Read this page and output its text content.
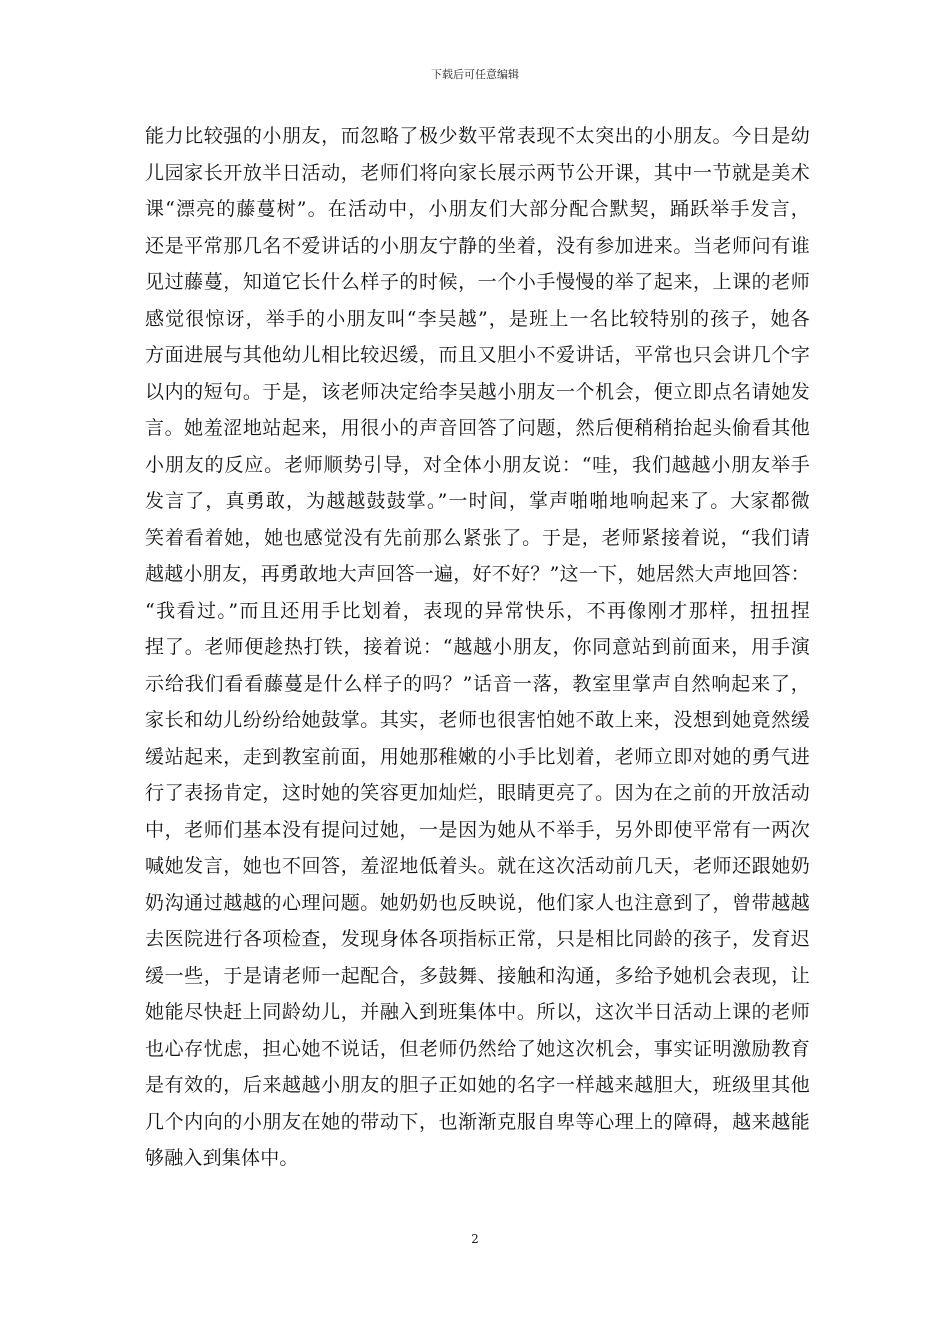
下载后可任意编辑
能力比较强的小朋友，而忽略了极少数平常表现不太突出的小朋友。今日是幼
儿园家长开放半日活动，老师们将向家长展示两节公开课，其中一节就是美术
课“漂亮的藤蔓树”。在活动中，小朋友们大部分配合默契，踊跃举手发言，
还是平常那几名不爱讲话的小朋友宁静的坐着，没有参加进来。当老师问有谁
见过藤蔓，知道它长什么样子的时候，一个小手慢慢的举了起来，上课的老师
感觉很惊讶，举手的小朋友叫“李吴越”，是班上一名比较特别的孩子，她各
方面进展与其他幼儿相比较迟缓，而且又胆小不爱讲话，平常也只会讲几个字
以内的短句。于是，该老师决定给李吴越小朋友一个机会，便立即点名请她发
言。她羞涩地站起来，用很小的声音回答了问题，然后便稍稍抬起头偷看其他
小朋友的反应。老师顺势引导，对全体小朋友说：“哇，我们越越小朋友举手
发言了，真勇敢，为越越鼓鼓掌。”一时间，掌声啪啪地响起来了。大家都微
笑着看着她，她也感觉没有先前那么紧张了。于是，老师紧接着说，“我们请
越越小朋友，再勇敢地大声回答一遍，好不好？”这一下，她居然大声地回答：
“我看过。”而且还用手比划着，表现的异常快乐，不再像刚才那样，扭扭捏
捏了。老师便趁热打铁，接着说：“越越小朋友，你同意站到前面来，用手演
示给我们看看藤蔓是什么样子的吗？”话音一落，教室里掌声自然响起来了，
家长和幼儿纷纷给她鼓掌。其实，老师也很害怕她不敢上来，没想到她竟然缓
缓站起来，走到教室前面，用她那稚嫩的小手比划着，老师立即对她的勇气进
行了表扬肯定，这时她的笑容更加灿烂，眼睛更亮了。因为在之前的开放活动
中，老师们基本没有提问过她，一是因为她从不举手，另外即使平常有一两次
喊她发言，她也不回答，羞涩地低着头。就在这次活动前几天，老师还跟她奶
奶沟通过越越的心理问题。她奶奶也反映说，他们家人也注意到了，曾带越越
去医院进行各项检查，发现身体各项指标正常，只是相比同龄的孩子，发育迟
缓一些，于是请老师一起配合，多鼓舞、接触和沟通，多给予她机会表现，让
她能尽快赶上同龄幼儿，并融入到班集体中。所以，这次半日活动上课的老师
也心存忧虑，担心她不说话，但老师仍然给了她这次机会，事实证明激励教育
是有效的，后来越越小朋友的胆子正如她的名字一样越来越胆大，班级里其他
几个内向的小朋友在她的带动下，也渐渐克服自卑等心理上的障碍，越来越能
够融入到集体中。
2
